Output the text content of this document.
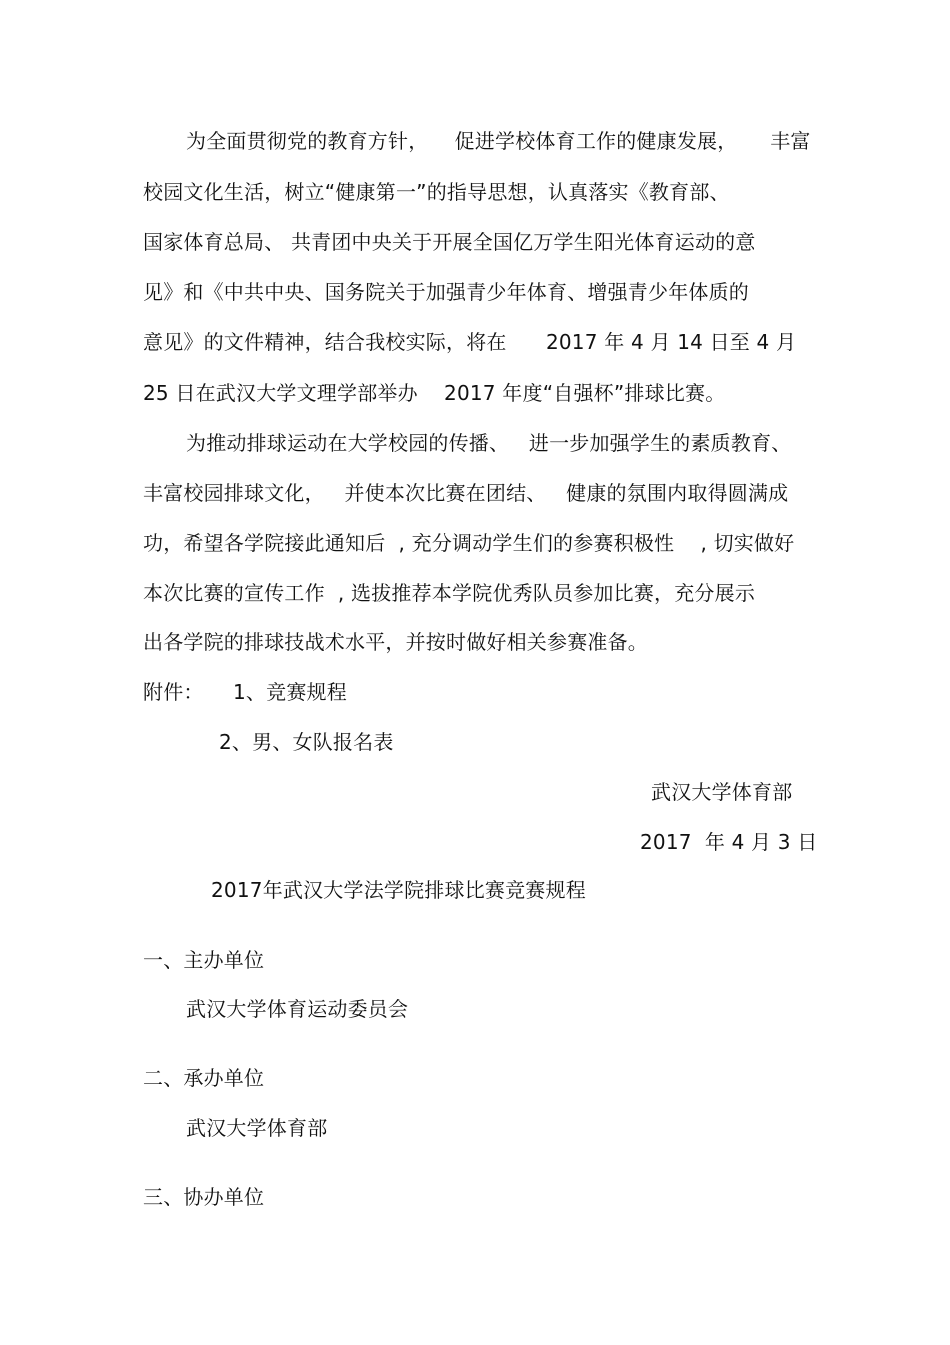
为全面贯彻党的教育方针，    促进学校体育工作的健康发展，     丰富
校园文化生活，树立“健康第一”的指导思想，认真落实《教育部、
国家体育总局、 共青团中央关于开展全国亿万学生阳光体育运动的意
见》和《中共中央、国务院关于加强青少年体育、增强青少年体质的
意见》的文件精神，结合我校实际，将在      2017 年 4 月 14 日至 4 月
25 日在武汉大学文理学部举办    2017 年度“自强杯”排球比赛。
为推动排球运动在大学校园的传播、   进一步加强学生的素质教育、
丰富校园排球文化，   并使本次比赛在团结、   健康的氛围内取得圆满成
功，希望各学院接此通知后  , 充分调动学生们的参赛积极性    , 切实做好
本次比赛的宣传工作  , 选拔推荐本学院优秀队员参加比赛，充分展示
出各学院的排球技战术水平，并按时做好相关参赛准备。
附件： 1、竞赛规程
2、男、女队报名表
武汉大学体育部
2017  年 4 月 3 日
2017年武汉大学法学院排球比赛竞赛规程
一、主办单位
武汉大学体育运动委员会
二、承办单位
武汉大学体育部
三、协办单位
